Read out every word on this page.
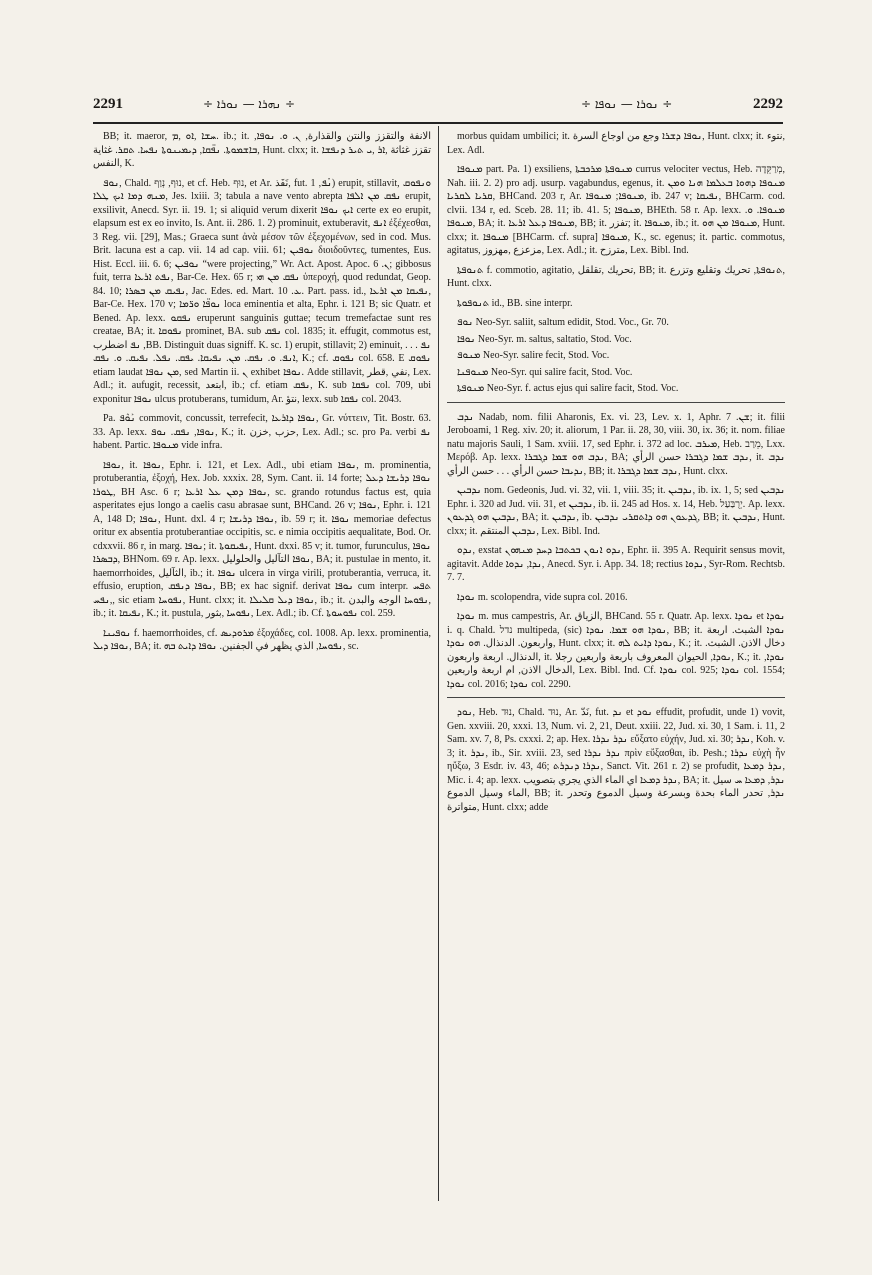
2291	÷ ܢܗܪܐ — ܢܘܪܐ ÷	÷ ܢܘܪܐ — ܢܘܦܐ ÷	2292

BB; it. maeror, ܚܫܐ ,ܐܘ ,ܡ. ib.; it. الانفة والتقزز والنتن والقذارة, ܢ. ܘ. ܢܘܦܐ, ܒܐܫܡܘܬܐ. ܢܦ̈ܩܐ, ܕܝܡܝܢܘܬܐ ܢܦܚܐ. ܬܩܪ. غثاية, Hunt. clxx; it. تقزز غثاثة ,ܐܪ ,ܝ ܬܝܪ ܕܢܦܫܐ النفس, K.

ܢܘܦ, Chald. נוּף, נְוַף, et cf. Heb. נוּף, et Ar. نَفَذ, fut. ܢܳܦ, 1) erupit, stillavit, ܘܢܦܘܩ ܡܢܗ ܕܡܐ ܐܝܟ ܛܠܐ, Jes. lxiii. 3; tabula a nave vento abrepta ܢܦܩ ܡܢ ܐܠܦܐ erupit, exsilivit, Anecd. Syr. ii. 19. 1; si aliquid verum dixerit ܐܝܟ ܢܘܦܐ certe ex eo erupit, elapsum est ex eo invito, Is. Ant. ii. 286. 1. 2) prominuit, extuberavit, ܐܢܦ ἐξέχεσθαι, 3 Reg. vii. [29], Mas.; Graeca sunt ἀνὰ μέσον τῶν ἐξεχομένων, sed in cod. Mus. Brit. lacuna est a cap. vii. 14 ad cap. viii. 61; ܢܘܦܝܢ διοιδοῦντες, tumentes, Eus. Hist. Eccl. iii. 6. 6; ܢܘܦܝܢ “were projecting,” Wr. Act. Apost. Apoc. ܢ. 6; gibbosus fuit, terra ܢܦܬ ܐܪܥܐ, Bar-Ce. Hex. 65 r; ܢܦܩ ܡܢ ܗܝ ὑπεροχή, quod redundat, Geop. 84. 10; ܢܦܝܩ ܡܢ ܒܣܪܐ, Jac. Edes. ed. Mart. ܥ. 10. Part. pass. id., ܢܦܝܩܐ ܡܢ ܐܪܥܐ, Bar-Ce. Hex. 170 v; ܢܘܦ̈ܐ ܘܪ̈ܡܐ loca eminentia et alta, Ephr. i. 121 B; sic Quatr. et Bened. Ap. lexx. ܢܦܩܘ eruperunt sanguinis guttae; tecum tremefactae sunt res creatae, BA; it. ܢܦܘܩܐ prominet, BA. sub ܢܦܩ col. 1835; it. effugit, commotus est, ܢܦ اضطرب ,BB. Distinguit duas signiff. K. sc. 1) erupit, stillavit; 2) eminuit, . . . ܢܦ ܐܢܦ. ܘ. ܢܦܩ. ܡܢ. ܢܦܝܩܐ. ܝܦܩ. ܢܦܠ. ܢܦܝܩ. ܘ. ܢܦܩ, K.; cf. ܢܦܘܩ col. 658. E ܢܦܘܩ etiam laudat ܡܢ ܢܘܦܐ, sed Martin ii. ܢ exhibet ܢܘܦܐ. Adde stillavit, نفي ,قطر, Lex. Adl.; it. aufugit, recessit, ابتعد, ib.; cf. etiam ܢܦܩ, K. sub ܢܦܩܐ col. 709, ubi exponitur ܢܘܦܐ ulcus protuberans, tumidum, Ar. نتؤ, lexx. sub ܢܦܩܐ col. 2043.

Pa. ܢܰܘܶܦ commovit, concussit, terrefecit, ܢܘܦܐ ܕܐܪܥܐ, Gr. νύττειν, Tit. Bostr. 63. 33. Ap. lexx. ܢܘܦܐ, ܢܦܩ. ܢܘܦ, K.; it. حزب ,خزن, Lex. Adl.; sc. pro Pa. verbi ܢܦ habent. Partic. ܡܢܘܦܐ vide infra.

ܢܘܦܐ, it. ܢܘܦܐ, Ephr. i. 121, et Lex. Adl., ubi etiam ܢܘܦܐ, m. prominentia, protuberantia, ἐξοχή, Hex. Job. xxxix. 28, Sym. Cant. ii. 14 forte; ܢܘܦܐ ܕܪܝܫܐ ܕܥܠ ܛܘܪܐ, BH Asc. 6 r; ܢܘܦܐ ܕܡܢ ܥܠ ܐܪܥܐ, sc. grando rotundus factus est, quia asperitates ejus longo a caelis casu abrasae sunt, BHCand. 26 v; ܢܘܦܐ, Ephr. i. 121 A, 148 D; ܢܘܦܐ, Hunt. dxl. 4 r; ܢܘܦܐ ܕܪܝܫܐ, ib. 59 r; it. ܢܘܦܐ memoriae defectus oritur ex absentia protuberantiae occipitis, sc. e nimia occipitis aequalitate, Bod. Or. cdxxvii. 86 r, in marg. ܢܘܦܐ; it. ܢܦܝܩܘܬܐ, Hunt. dxxi. 85 v; it. tumor, furunculus, ܢܘܦܐ ܕܒܣܪܐ, BHNom. 69 r. Ap. lexx. ܢܘܦܐ التآليل والحلوليل, BA; it. pustulae in mento, it. haemorrhoides, الثآليل, ib.; it. ܢܘܦܐ ulcera in virga virili, protuberantia, verruca, it. effusio, eruption, ܢܘܦܐ ܕܢܦܩ, BB; ex hac signif. derivat ܢܘܦܐ cum interpr. ܬܦܚ ,ܢܦܚ, sic etiam ܢܦܘܚܐ, Hunt. clxx; it. ܢܘܦܐ ܕܝܠ ܩܠܝܠܐ, ib.; it. ܢܦܘܚܐ الوجه والبدن, ib.; it. ܢܦܝܩܐ, K.; it. pustula, ܢܦܘܚܐ ,بثور, Lex. Adl.; ib. Cf. ܢܦܘܚܘܬܐ col. 259.

ܢܘܦܝܢܐ f. haemorrhoides, cf. ܡܪܘܕܝܣ ἐξοχάδες, col. 1008. Ap. lexx. prominentia, ܢܘܦܐ ܕܝܠ, BA; it. ܢܦܘܚܐ, الذي يظهر في الجفنين. ܢܘܦܐ ܕܐܝܬ ܒܗ, sc.

morbus quidam umbilici; it. ܢܘܦܐ ܕܫܪܐ وجع من اوجاع السرة, Hunt. clxx; it. نتوء, Lex. Adl.

ܡܢܘܦܐ part. Pa. 1) exsiliens, ܡܢܘܦܬܐ ܡܪܟܒܬܐ currus velociter vectus, Heb. מְרַקֵּדָה, Nah. iii. 2. 2) pro adj. usurp. vagabundus, egenus, it. ܡܢܘܦܐ ܕܗܘܐ ܒܥܠܡܐ ܗܢܐ ܘܡܢ ܩܪܝܐ ܠܩܪܝܐ, BHCand. 203 r, Ar. ܡܢܘܦܐ; ܡܢܘܦܐ, ib. 247 v; ܢܦܝܩܐ, BHCarm. cod. clvii. 134 r, ed. Sceb. 28. 11; ib. 41. 5; ܡܢܘܦܐ, BHEth. 58 r. Ap. lexx. ܡܢܘܦܐ. ܘ. ܡܢܘܦܐ, BA; it. ܡܢܘܦܐ ܕܥܠ ܐܪܥܐ, BB; it. تفزر; it. ܡܢܘܦܐ, ib.; it. ܡܢܘܦܐ ܡܢ ܗܘ, Hunt. clxx; it. ܡܢܘܦܐ [BHCarm. cf. supra] ܡܢܘܦܐ, K., sc. egenus; it. partic. commotus, agitatus, مزعزع ,مهزوز, Lex. Adl.; it. مترزح, Lex. Bibl. Ind.

ܬܢܘܦܬܐ f. commotio, agitatio, تحريك ,تقلقل, BB; it. ܬܢܘܦܬܐ, تحريك وتقليع وتزرع, Hunt. clxx.

ܬܢܘܦܘܬܐ id., BB. sine interpr.

ܢܘܦ Neo-Syr. saliit, saltum edidit, Stod. Voc., Gr. 70.

ܢܘܦܐ Neo-Syr. m. saltus, saltatio, Stod. Voc.

ܡܢܘܦ Neo-Syr. salire fecit, Stod. Voc.

ܡܢܘܦܢܐ Neo-Syr. qui salire facit, Stod. Voc.

ܡܢܘܦܬܐ Neo-Syr. f. actus ejus qui salire facit, Stod. Voc.

ܢܕܒ Nadab, nom. filii Aharonis, Ex. vi. 23, Lev. x. 1, Aphr. ܫܢ. 7; it. filii Jeroboami, 1 Reg. xiv. 20; it. aliorum, 1 Par. ii. 28, 30, viii. 30, ix. 36; it. nom. filiae natu majoris Sauli, 1 Sam. xviii. 17, sed Ephr. i. 372 ad loc. ܡܝܪܒ, Heb. מֵרַב, Lxx. Μερόβ. Ap. lexx. ܢܕܒ ܗܘ ܫܡܐ ܕܓܒܪܐ, BA; ܢܕܒ ܫܡܐ ܕܓܒܪܐ حسن الرأي, it. ܢܕܒ ܢܕܝܒܐ حسن الرأي . . . حسن الرأي, BB; it. ܢܕܒ ܫܡܐ ܕܓܒܪܐ, Hunt. clxx.

ܢܕܒܝܢ nom. Gedeonis, Jud. vi. 32, vii. 1, viii. 35; it. ܢܕܒܝܢ, ib. ix. 1, 5; sed ܢܕܒܝܢ Ephr. i. 320 ad Jud. vii. 31, et ܢܕܒܝܢ, ib. ii. 245 ad Hos. x. 14, Heb. יְרֻבַּעַל. Ap. lexx. ܢܕܒܝܢ ܗܘ ܓܕܥܘܢ, BA; it. ܢܕܒܝܢ, ib. ܓܕܥܘܢ ܗܘ ܕܐܬܩܪܝ ܢܕܒܝܢ, BB; it. ܢܕܒܝܢ, Hunt. clxx; it. ܢܕܒܝܢ المنتقم, Lex. Bibl. Ind.

ܢܕܘ, exstat ܢܕܘ ܐܢܘܢ ܒܟܬܒܐ ܕܚܕ ܡܢܗܘܢ, Ephr. ii. 395 A. Requirit sensus movit, agitavit. Adde ܢܕܐ, ܢܕܘܐ, Anecd. Syr. i. App. 34. 18; rectius ܢܕܘܐ, Syr-Rom. Rechtsb. 7. 7.

ܢܘܕܐ m. scolopendra, vide supra col. 2016.

ܢܘܕܐ m. mus campestris, Ar. الزياق, BHCand. 55 r. Quatr. Ap. lexx. ܢܘܕܐ et ܢܘܕܐ i. q. Chald. נדל multipeda, (sic) ܢܘܕܐ ܗܘ ܫܡܐ. ܢܘܕܐ, BB; it. ܢܘܕܐ الشبث. اربعة واربعون. الدنذال. ܗܘ ܢܘܕܐ, Hunt. clxx; it. ܢܘܕܐ ܕܐܝܬ ܠܗ, K.; it. دخال الاذن. الشبث. الدنذال. اربعة واربعون, it. ܢܘܕܐ, الحيوان المعروف باربعة واربعين رجلا, K.; it. ܢܘܕܐ, الدخال الاذن, ام اربعة واربعين, Lex. Bibl. Ind. Cf. ܢܘܕܐ col. 925; ܢܘܕܐ col. 1554; ܢܘܕܐ col. 2016; ܢܘܕܐ col. 2290.

ܢܘܕ, Heb. נוּד, Chald. נוּד, Ar. نَدّ, fut. ܢܕ et ܢܘܕ effudit, profudit, unde 1) vovit, Gen. xxviii. 20, xxxi. 13, Num. vi. 2, 21, Deut. xxiii. 22, Jud. xi. 30, 1 Sam. i. 11, 2 Sam. xv. 7, 8, Ps. cxxxi. 2; ap. Hex. ܢܕܪ ܢܕܪܐ εὔξατο εὐχήν, Jud. xi. 30; ܢܕܪ, Koh. v. 3; it. ܢܕܪ, ib., Sir. xviii. 23, sed ܢܕܪ ܢܕܪܐ πρὶν εὔξασθαι, ib. Pesh.; ܢܕܪܐ εὐχὴ ἦν ηὔξω, 3 Esdr. iv. 43, 46; ܢܕܪܐ ܕܢܕܪܬ, Sanct. Vit. 261 r. 2) se profudit, ܢܕܪ ܕܡܥܐ, Mic. i. 4; ap. lexx. ܢܕܪ ܕܡܥܐ اي الماء الذي يجري بتصويب, BA; it. ܢܕܪ, ܕܡܥܐ ܚ سيل الماء وسيل الدموع, BB; it. ܢܕܪ, تحدر الماء بحدة وبسرعة وسيل الدموع وتحدر متواترة, Hunt. clxx; adde
